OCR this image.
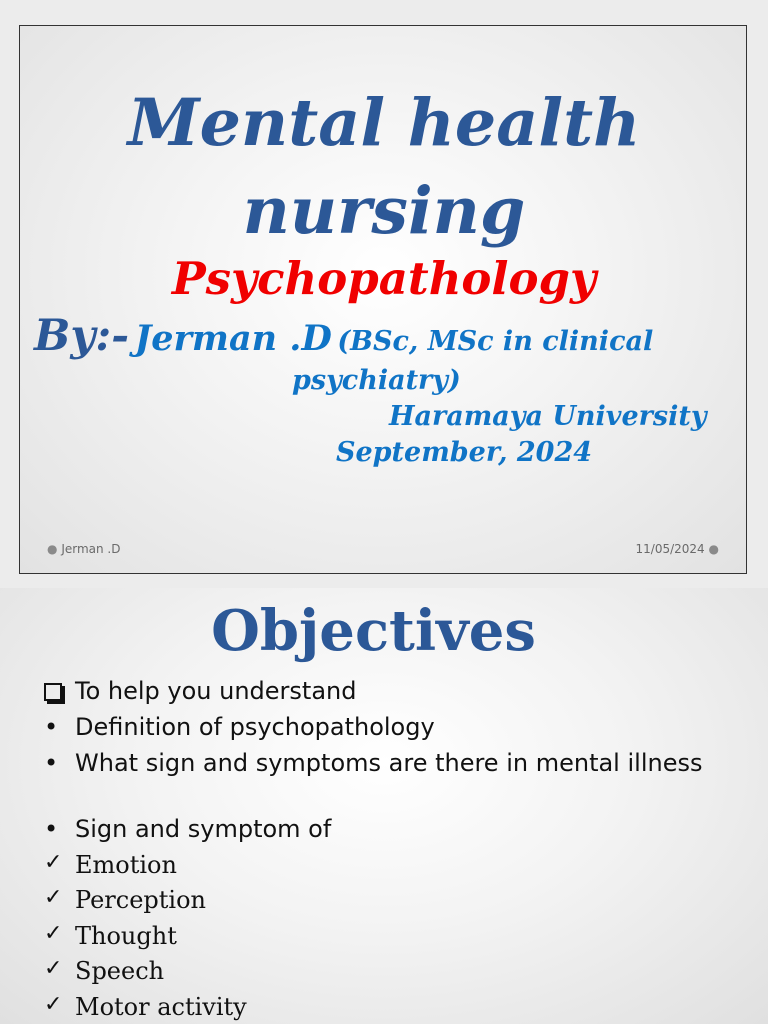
Mental health
nursing
Psychopathology
By:- Jerman .D (BSc, MSc in clinical
psychiatry)
Haramaya University
September, 2024
● Jerman .D	11/05/2024 ●
Objectives
To help you understand
• Definition of psychopathology
• What sign and symptoms are there in mental illness
• Sign and symptom of
✓ Emotion
✓ Perception
✓ Thought
✓ Speech
✓ Motor activity
